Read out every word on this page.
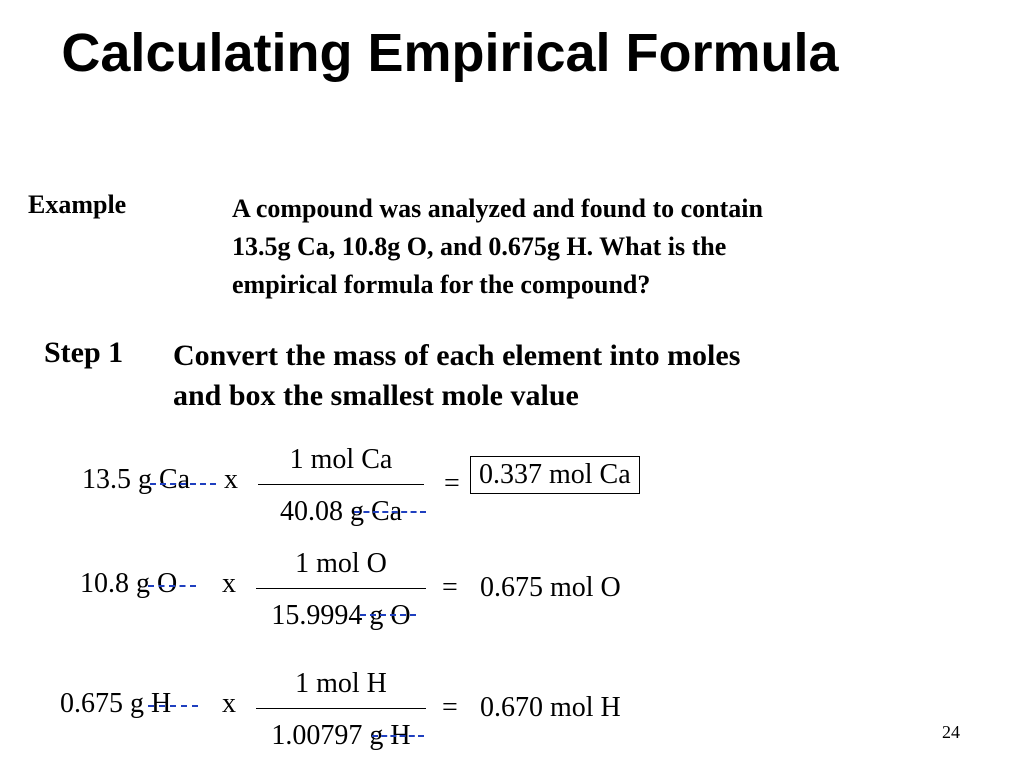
Calculating Empirical Formula
Example	A compound was analyzed and found to contain
13.5g Ca, 10.8g O, and 0.675g H. What is the
empirical formula for the compound?
Step 1 Convert the mass of each element into moles
and box the smallest mole value
13.5 g Ca x
1 mol Ca
40.08 g Ca
= 0.337 mol Ca
10.8 g O x
1 mol O
15.9994 g O
= 0.675 mol O
0.675 g H x
1 mol H
1.00797 g H
= 0.670 mol H
24
